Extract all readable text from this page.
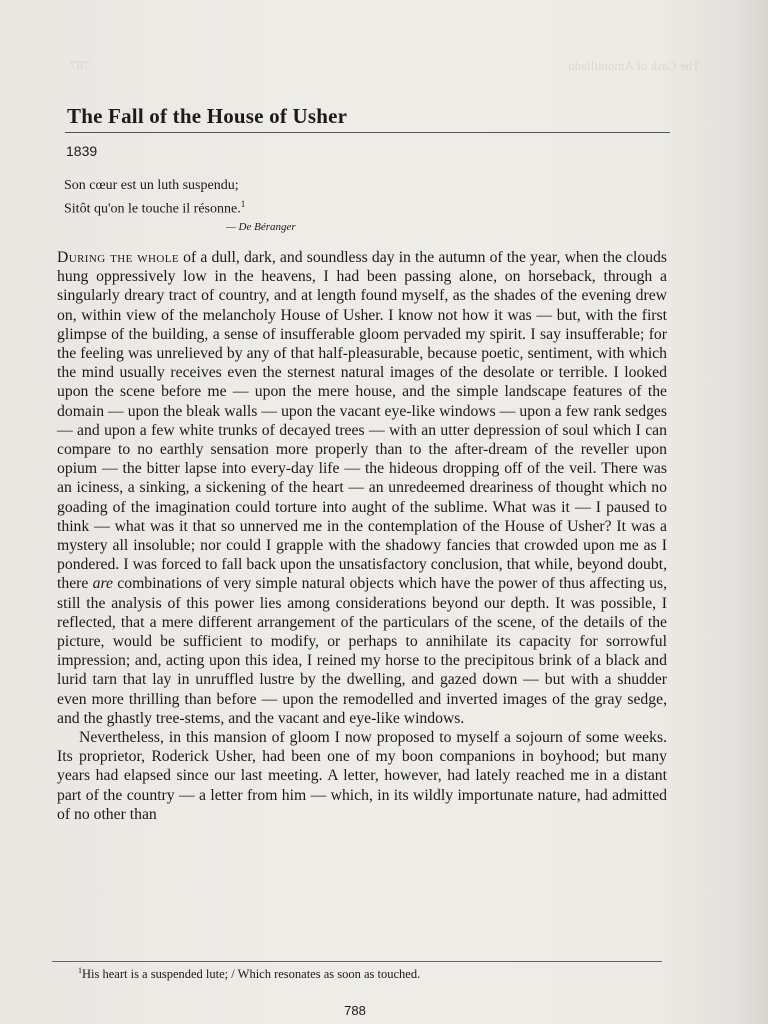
The Cask of Amontillado
787
The Fall of the House of Usher
1839
Son cœur est un luth suspendu;
Sitôt qu'on le touche il résonne.$^1$
— De Béranger

During the whole of a dull, dark, and soundless day in the autumn of the year, when the clouds hung oppressively low in the heavens, I had been passing alone, on horseback, through a singularly dreary tract of country, and at length found myself, as the shades of the evening drew on, within view of the melancholy House of Usher. I know not how it was — but, with the first glimpse of the building, a sense of insufferable gloom pervaded my spirit. I say insufferable; for the feeling was unrelieved by any of that half-pleasurable, because poetic, sentiment, with which the mind usually receives even the sternest natural images of the desolate or terrible. I looked upon the scene before me — upon the mere house, and the simple landscape features of the domain — upon the bleak walls — upon the vacant eye-like windows — upon a few rank sedges — and upon a few white trunks of decayed trees — with an utter depression of soul which I can compare to no earthly sensation more properly than to the after-dream of the reveller upon opium — the bitter lapse into every-day life — the hideous dropping off of the veil. There was an iciness, a sinking, a sickening of the heart — an unredeemed dreariness of thought which no goading of the imagination could torture into aught of the sublime. What was it — I paused to think — what was it that so unnerved me in the contemplation of the House of Usher? It was a mystery all insoluble; nor could I grapple with the shadowy fancies that crowded upon me as I pondered. I was forced to fall back upon the unsatisfactory conclusion, that while, beyond doubt, there are combinations of very simple natural objects which have the power of thus affecting us, still the analysis of this power lies among considerations beyond our depth. It was possible, I reflected, that a mere different arrangement of the particulars of the scene, of the details of the picture, would be sufficient to modify, or perhaps to annihilate its capacity for sorrowful impression; and, acting upon this idea, I reined my horse to the precipitous brink of a black and lurid tarn that lay in unruffled lustre by the dwelling, and gazed down — but with a shudder even more thrilling than before — upon the remodelled and inverted images of the gray sedge, and the ghastly tree-stems, and the vacant and eye-like windows.

Nevertheless, in this mansion of gloom I now proposed to myself a sojourn of some weeks. Its proprietor, Roderick Usher, had been one of my boon companions in boyhood; but many years had elapsed since our last meeting. A letter, however, had lately reached me in a distant part of the country — a letter from him — which, in its wildly importunate nature, had admitted of no other than

$^1$His heart is a suspended lute; / Which resonates as soon as touched.
788
